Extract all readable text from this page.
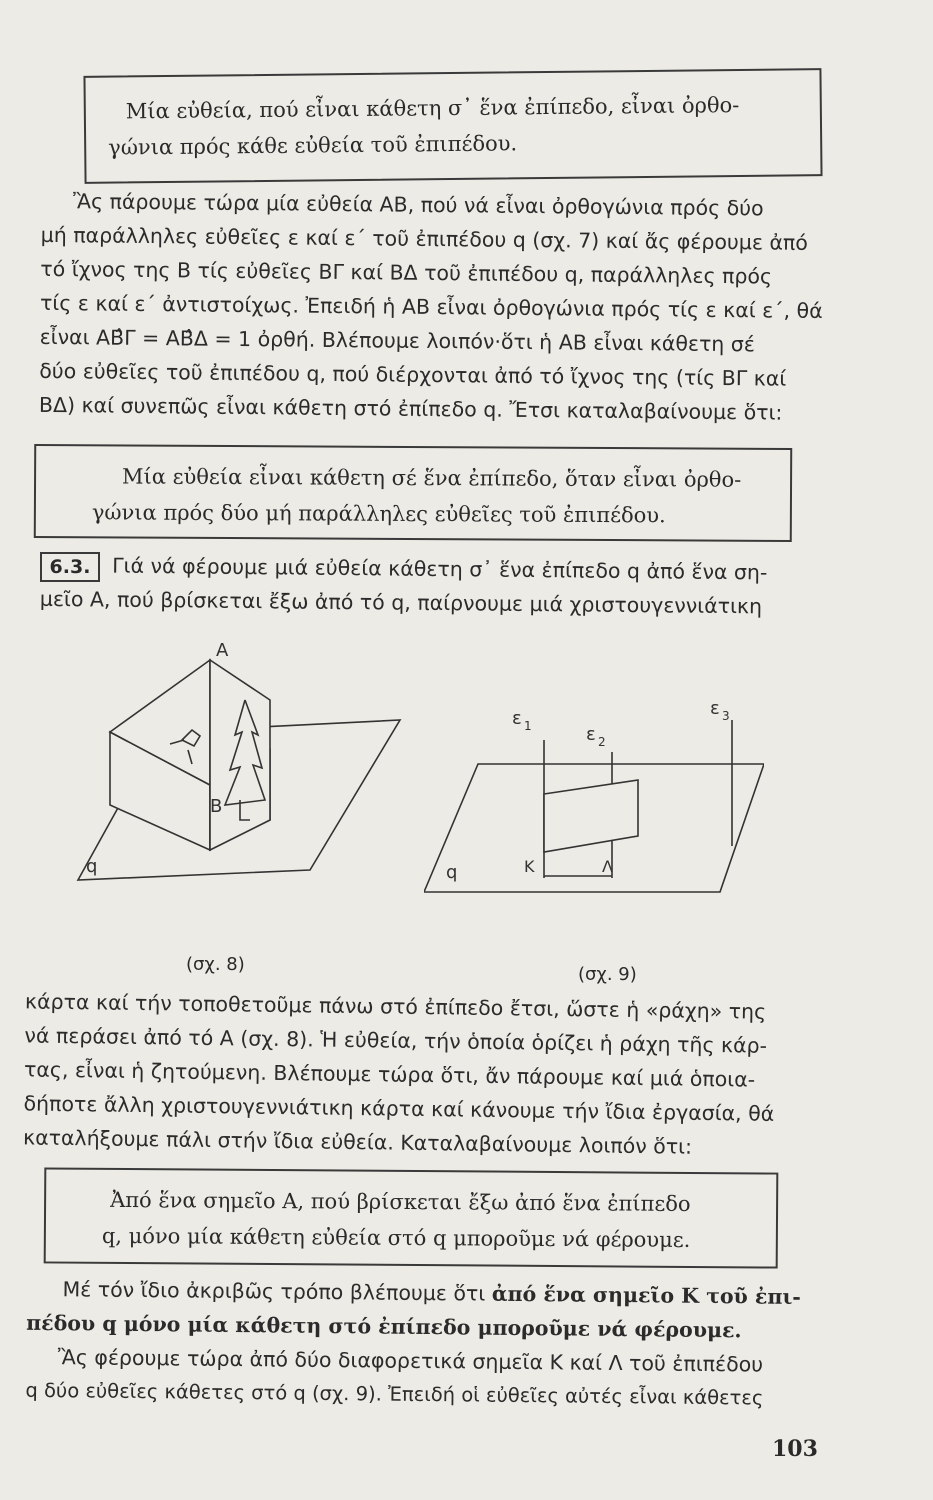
Μία εὐθεία, πού εἶναι κάθετη σ᾽ ἕνα ἐπίπεδο, εἶναι ὀρθο-
γώνια πρός κάθε εὐθεία τοῦ ἐπιπέδου.
Ἂς πάρουμε τώρα μία εὐθεία ΑΒ, πού νά εἶναι ὀρθογώνια πρός δύο
μή παράλληλες εὐθεῖες ε καί ε΄ τοῦ ἐπιπέδου q (σχ. 7) καί ἄς φέρουμε ἀπό
τό ἴχνος της Β τίς εὐθεῖες ΒΓ καί ΒΔ τοῦ ἐπιπέδου q, παράλληλες πρός
τίς ε καί ε΄ ἀντιστοίχως. Ἐπειδή ἡ ΑΒ εἶναι ὀρθογώνια πρός τίς ε καί ε΄, θά
εἶναι ΑΒ̂Γ = ΑΒ̂Δ = 1 ὀρθή. Βλέπουμε λοιπόν·ὅτι ἡ ΑΒ εἶναι κάθετη σέ
δύο εὐθεῖες τοῦ ἐπιπέδου q, πού διέρχονται ἀπό τό ἴχνος της (τίς ΒΓ καί
ΒΔ) καί συνεπῶς εἶναι κάθετη στό ἐπίπεδο q. Ἔτσι καταλαβαίνουμε ὅτι:
Μία εὐθεία εἶναι κάθετη σέ ἕνα ἐπίπεδο, ὅταν εἶναι ὀρθο-
γώνια πρός δύο μή παράλληλες εὐθεῖες τοῦ ἐπιπέδου.
6.3.	Γιά νά φέρουμε μιά εὐθεία κάθετη σ᾽ ἕνα ἐπίπεδο q ἀπό ἕνα ση-
μεῖο Α, πού βρίσκεται ἔξω ἀπό τό q, παίρνουμε μιά χριστουγεννιάτικη
Α
Β
q
(σχ. 8)
ε 1	ε 2
ε 3
q	K	Λ
(σχ. 9)
κάρτα καί τήν τοποθετοῦμε πάνω στό ἐπίπεδο ἔτσι, ὥστε ἡ «ράχη» της
νά περάσει ἀπό τό Α (σχ. 8). Ἡ εὐθεία, τήν ὁποία ὁρίζει ἡ ράχη τῆς κάρ-
τας, εἶναι ἡ ζητούμενη. Βλέπουμε τώρα ὅτι, ἄν πάρουμε καί μιά ὁποια-
δήποτε ἄλλη χριστουγεννιάτικη κάρτα καί κάνουμε τήν ἴδια ἐργασία, θά
καταλήξουμε πάλι στήν ἴδια εὐθεία. Καταλαβαίνουμε λοιπόν ὅτι:
Ἀπό ἕνα σημεῖο Α, πού βρίσκεται ἔξω ἀπό ἕνα ἐπίπεδο
q, μόνο μία κάθετη εὐθεία στό q μποροῦμε νά φέρουμε.
Μέ τόν ἴδιο ἀκριβῶς τρόπο βλέπουμε ὅτι ἀπό ἕνα σημεῖο Κ τοῦ ἐπι-
πέδου q μόνο μία κάθετη στό ἐπίπεδο μποροῦμε νά φέρουμε.
Ἂς φέρουμε τώρα ἀπό δύο διαφορετικά σημεῖα Κ καί Λ τοῦ ἐπιπέδου
q δύο εὐθεῖες κάθετες στό q (σχ. 9). Ἐπειδή οἱ εὐθεῖες αὐτές εἶναι κάθετες
103
